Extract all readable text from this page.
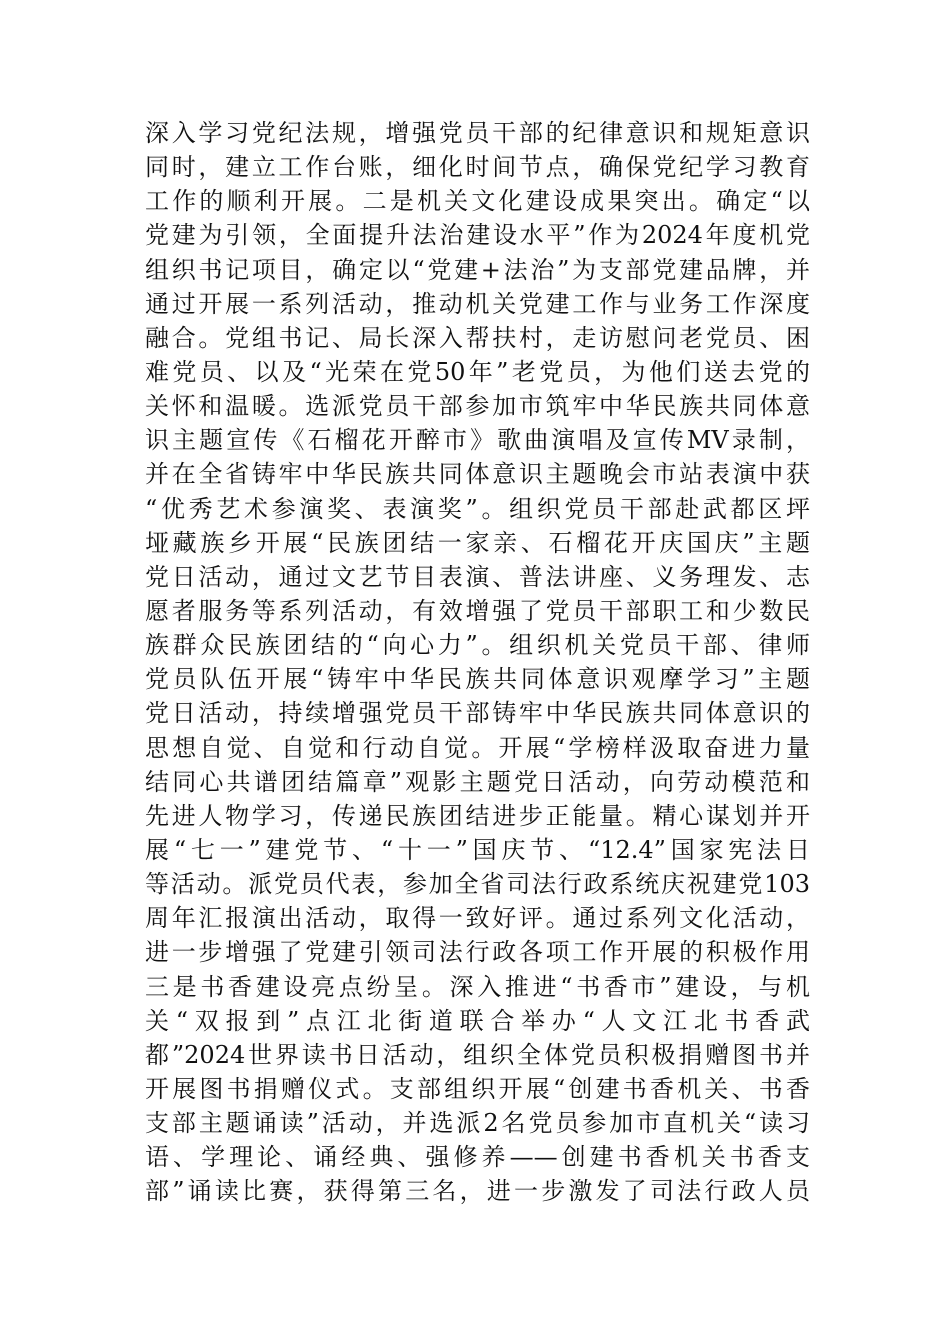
深入学习党纪法规，增强党员干部的纪律意识和规矩意识
同时，建立工作台账，细化时间节点，确保党纪学习教育
工作的顺利开展。二是机关文化建设成果突出。确定“以
党建为引领，全面提升法治建设水平”作为2024年度机党
组织书记项目，确定以“党建+法治”为支部党建品牌，并
通过开展一系列活动，推动机关党建工作与业务工作深度
融合。党组书记、局长深入帮扶村，走访慰问老党员、困
难党员、以及“光荣在党50年”老党员，为他们送去党的
关怀和温暖。选派党员干部参加市筑牢中华民族共同体意
识主题宣传《石榴花开醉市》歌曲演唱及宣传MV录制，
并在全省铸牢中华民族共同体意识主题晚会市站表演中获
“优秀艺术参演奖、表演奖”。组织党员干部赴武都区坪
垭藏族乡开展“民族团结一家亲、石榴花开庆国庆”主题
党日活动，通过文艺节目表演、普法讲座、义务理发、志
愿者服务等系列活动，有效增强了党员干部职工和少数民
族群众民族团结的“向心力”。组织机关党员干部、律师
党员队伍开展“铸牢中华民族共同体意识观摩学习”主题
党日活动，持续增强党员干部铸牢中华民族共同体意识的
思想自觉、自觉和行动自觉。开展“学榜样汲取奋进力量
结同心共谱团结篇章”观影主题党日活动，向劳动模范和
先进人物学习，传递民族团结进步正能量。精心谋划并开
展“七一”建党节、“十一”国庆节、“12.4”国家宪法日
等活动。派党员代表，参加全省司法行政系统庆祝建党103
周年汇报演出活动，取得一致好评。通过系列文化活动，
进一步增强了党建引领司法行政各项工作开展的积极作用
三是书香建设亮点纷呈。深入推进“书香市”建设，与机
关“双报到”点江北街道联合举办“人文江北书香武
都”2024世界读书日活动，组织全体党员积极捐赠图书并
开展图书捐赠仪式。支部组织开展“创建书香机关、书香
支部主题诵读”活动，并选派2名党员参加市直机关“读习
语、学理论、诵经典、强修养——创建书香机关书香支
部”诵读比赛，获得第三名，进一步激发了司法行政人员
